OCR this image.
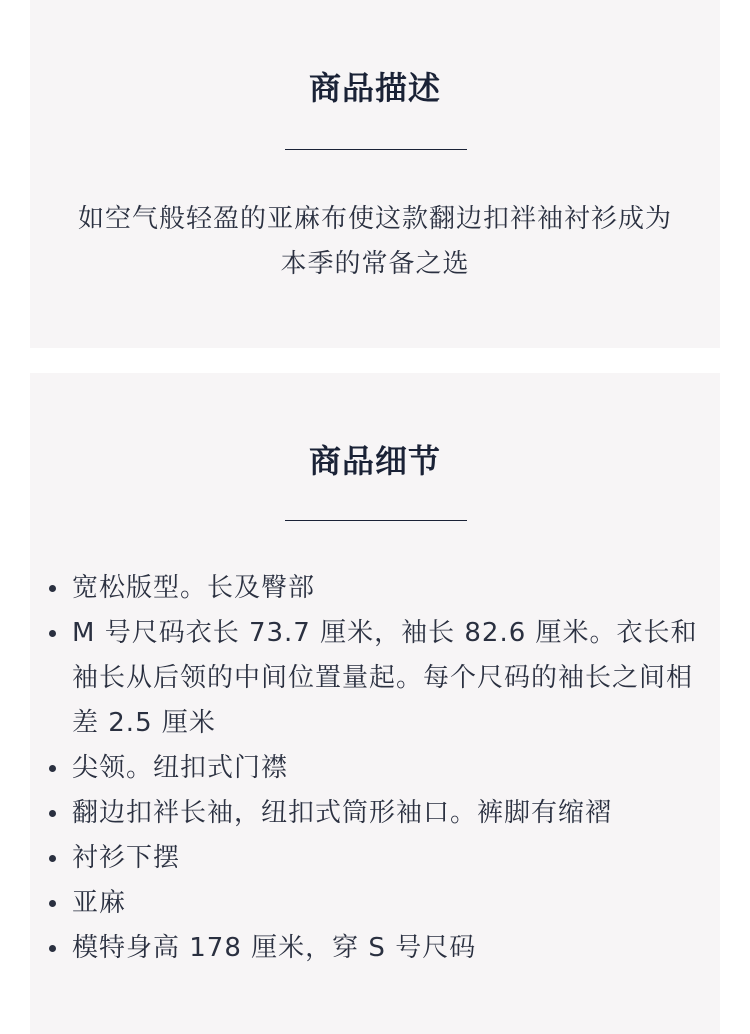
商品描述

如空气般轻盈的亚麻布使这款翻边扣袢袖衬衫成为本季的常备之选

商品细节
宽松版型。长及臀部
M 号尺码衣长 73.7 厘米，袖长 82.6 厘米。衣长和袖长从后领的中间位置量起。每个尺码的袖长之间相差 2.5 厘米
尖领。纽扣式门襟
翻边扣袢长袖，纽扣式筒形袖口。裤脚有缩褶
衬衫下摆
亚麻
模特身高 178 厘米，穿 S 号尺码
